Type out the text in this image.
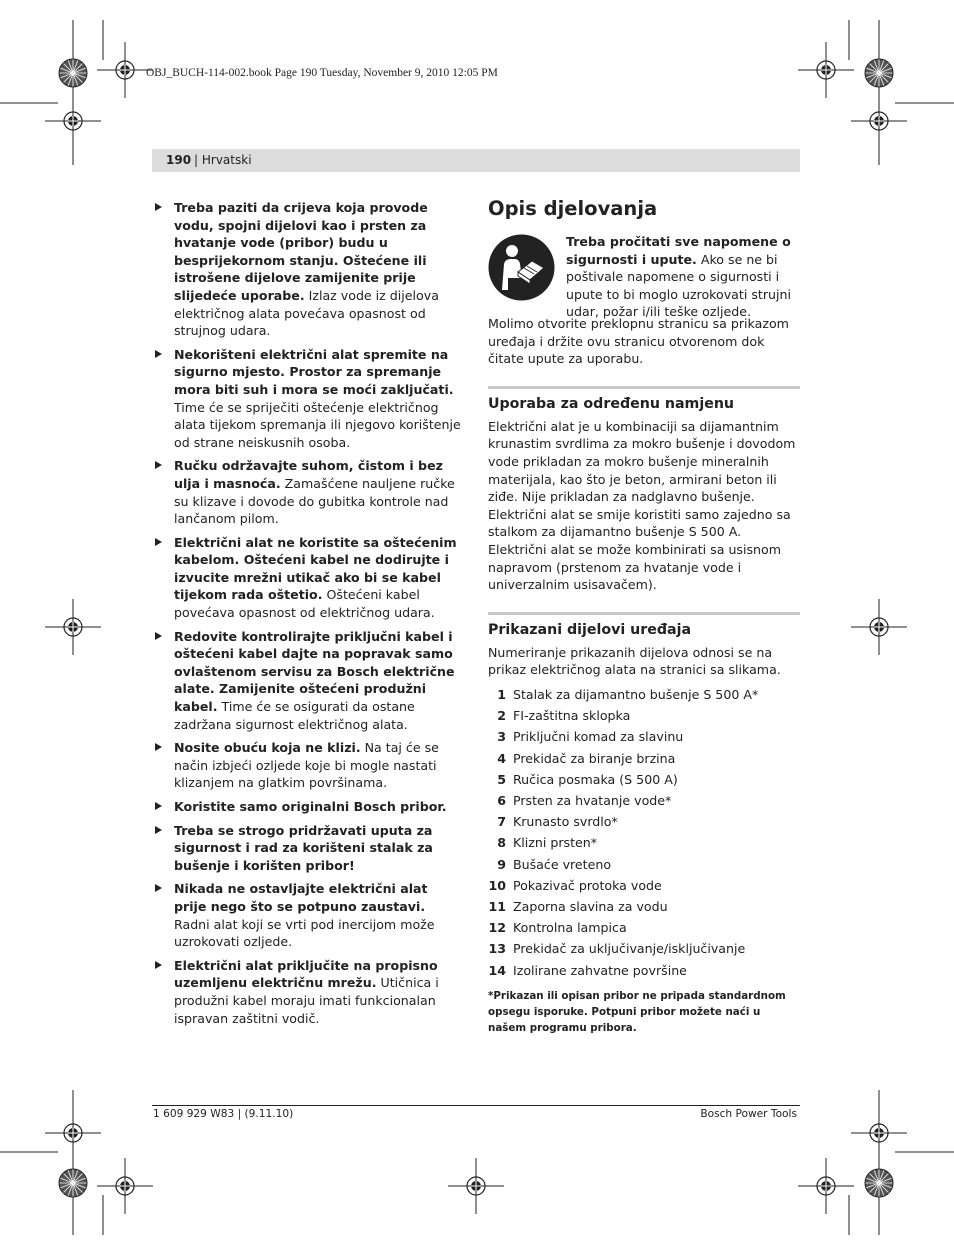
OBJ_BUCH-114-002.book Page 190 Tuesday, November 9, 2010 12:05 PM
190 | Hrvatski
Treba paziti da crijeva koja provode vodu, spojni dijelovi kao i prsten za hvatanje vode (pribor) budu u besprijekornom stanju. Oštećene ili istrošene dijelove zamijenite prije slijedeće uporabe. Izlaz vode iz dijelova električnog alata povećava opasnost od strujnog udara.
Nekorišteni električni alat spremite na sigurno mjesto. Prostor za spremanje mora biti suh i mora se moći zaključati. Time će se spriječiti oštećenje električnog alata tijekom spremanja ili njegovo korištenje od strane neiskusnih osoba.
Ručku održavajte suhom, čistom i bez ulja i masnoća. Zamašćene nauljene ručke su klizave i dovode do gubitka kontrole nad lančanom pilom.
Električni alat ne koristite sa oštećenim kabelom. Oštećeni kabel ne dodirujte i izvucite mrežni utikač ako bi se kabel tijekom rada oštetio. Oštećeni kabel povećava opasnost od električnog udara.
Redovite kontrolirajte priključni kabel i oštećeni kabel dajte na popravak samo ovlaštenom servisu za Bosch električne alate. Zamijenite oštećeni produžni kabel. Time će se osigurati da ostane zadržana sigurnost električnog alata.
Nosite obuću koja ne klizi. Na taj će se način izbjeći ozljede koje bi mogle nastati klizanjem na glatkim površinama.
Koristite samo originalni Bosch pribor.
Treba se strogo pridržavati uputa za sigurnost i rad za korišteni stalak za bušenje i korišten pribor!
Nikada ne ostavljajte električni alat prije nego što se potpuno zaustavi. Radni alat koji se vrti pod inercijom može uzrokovati ozljede.
Električni alat priključite na propisno uzemljenu električnu mrežu. Utičnica i produžni kabel moraju imati funkcionalan ispravan zaštitni vodič.
Opis djelovanja
Treba pročitati sve napomene o sigurnosti i upute. Ako se ne bi poštivale napomene o sigurnosti i upute to bi moglo uzrokovati strujni udar, požar i/ili teške ozljede.

Molimo otvorite preklopnu stranicu sa prikazom uređaja i držite ovu stranicu otvorenom dok čitate upute za uporabu.

Uporaba za određenu namjenu

Električni alat je u kombinaciji sa dijamantnim krunastim svrdlima za mokro bušenje i dovodom vode prikladan za mokro bušenje mineralnih materijala, kao što je beton, armirani beton ili ziđe. Nije prikladan za nadglavno bušenje. Električni alat se smije koristiti samo zajedno sa stalkom za dijamantno bušenje S 500 A. Električni alat se može kombinirati sa usisnom napravom (prstenom za hvatanje vode i univerzalnim usisavačem).

Prikazani dijelovi uređaja

Numeriranje prikazanih dijelova odnosi se na prikaz električnog alata na stranici sa slikama.

1 Stalak za dijamantno bušenje S 500 A*
2 FI-zaštitna sklopka
3 Priključni komad za slavinu
4 Prekidač za biranje brzina
5 Ručica posmaka (S 500 A)
6 Prsten za hvatanje vode*
7 Krunasto svrdlo*
8 Klizni prsten*
9 Bušaće vreteno
10 Pokazivač protoka vode
11 Zaporna slavina za vodu
12 Kontrolna lampica
13 Prekidač za uključivanje/isključivanje
14 Izolirane zahvatne površine
*Prikazan ili opisan pribor ne pripada standardnom opsegu isporuke. Potpuni pribor možete naći u našem programu pribora.
1 609 929 W83 | (9.11.10)	Bosch Power Tools
